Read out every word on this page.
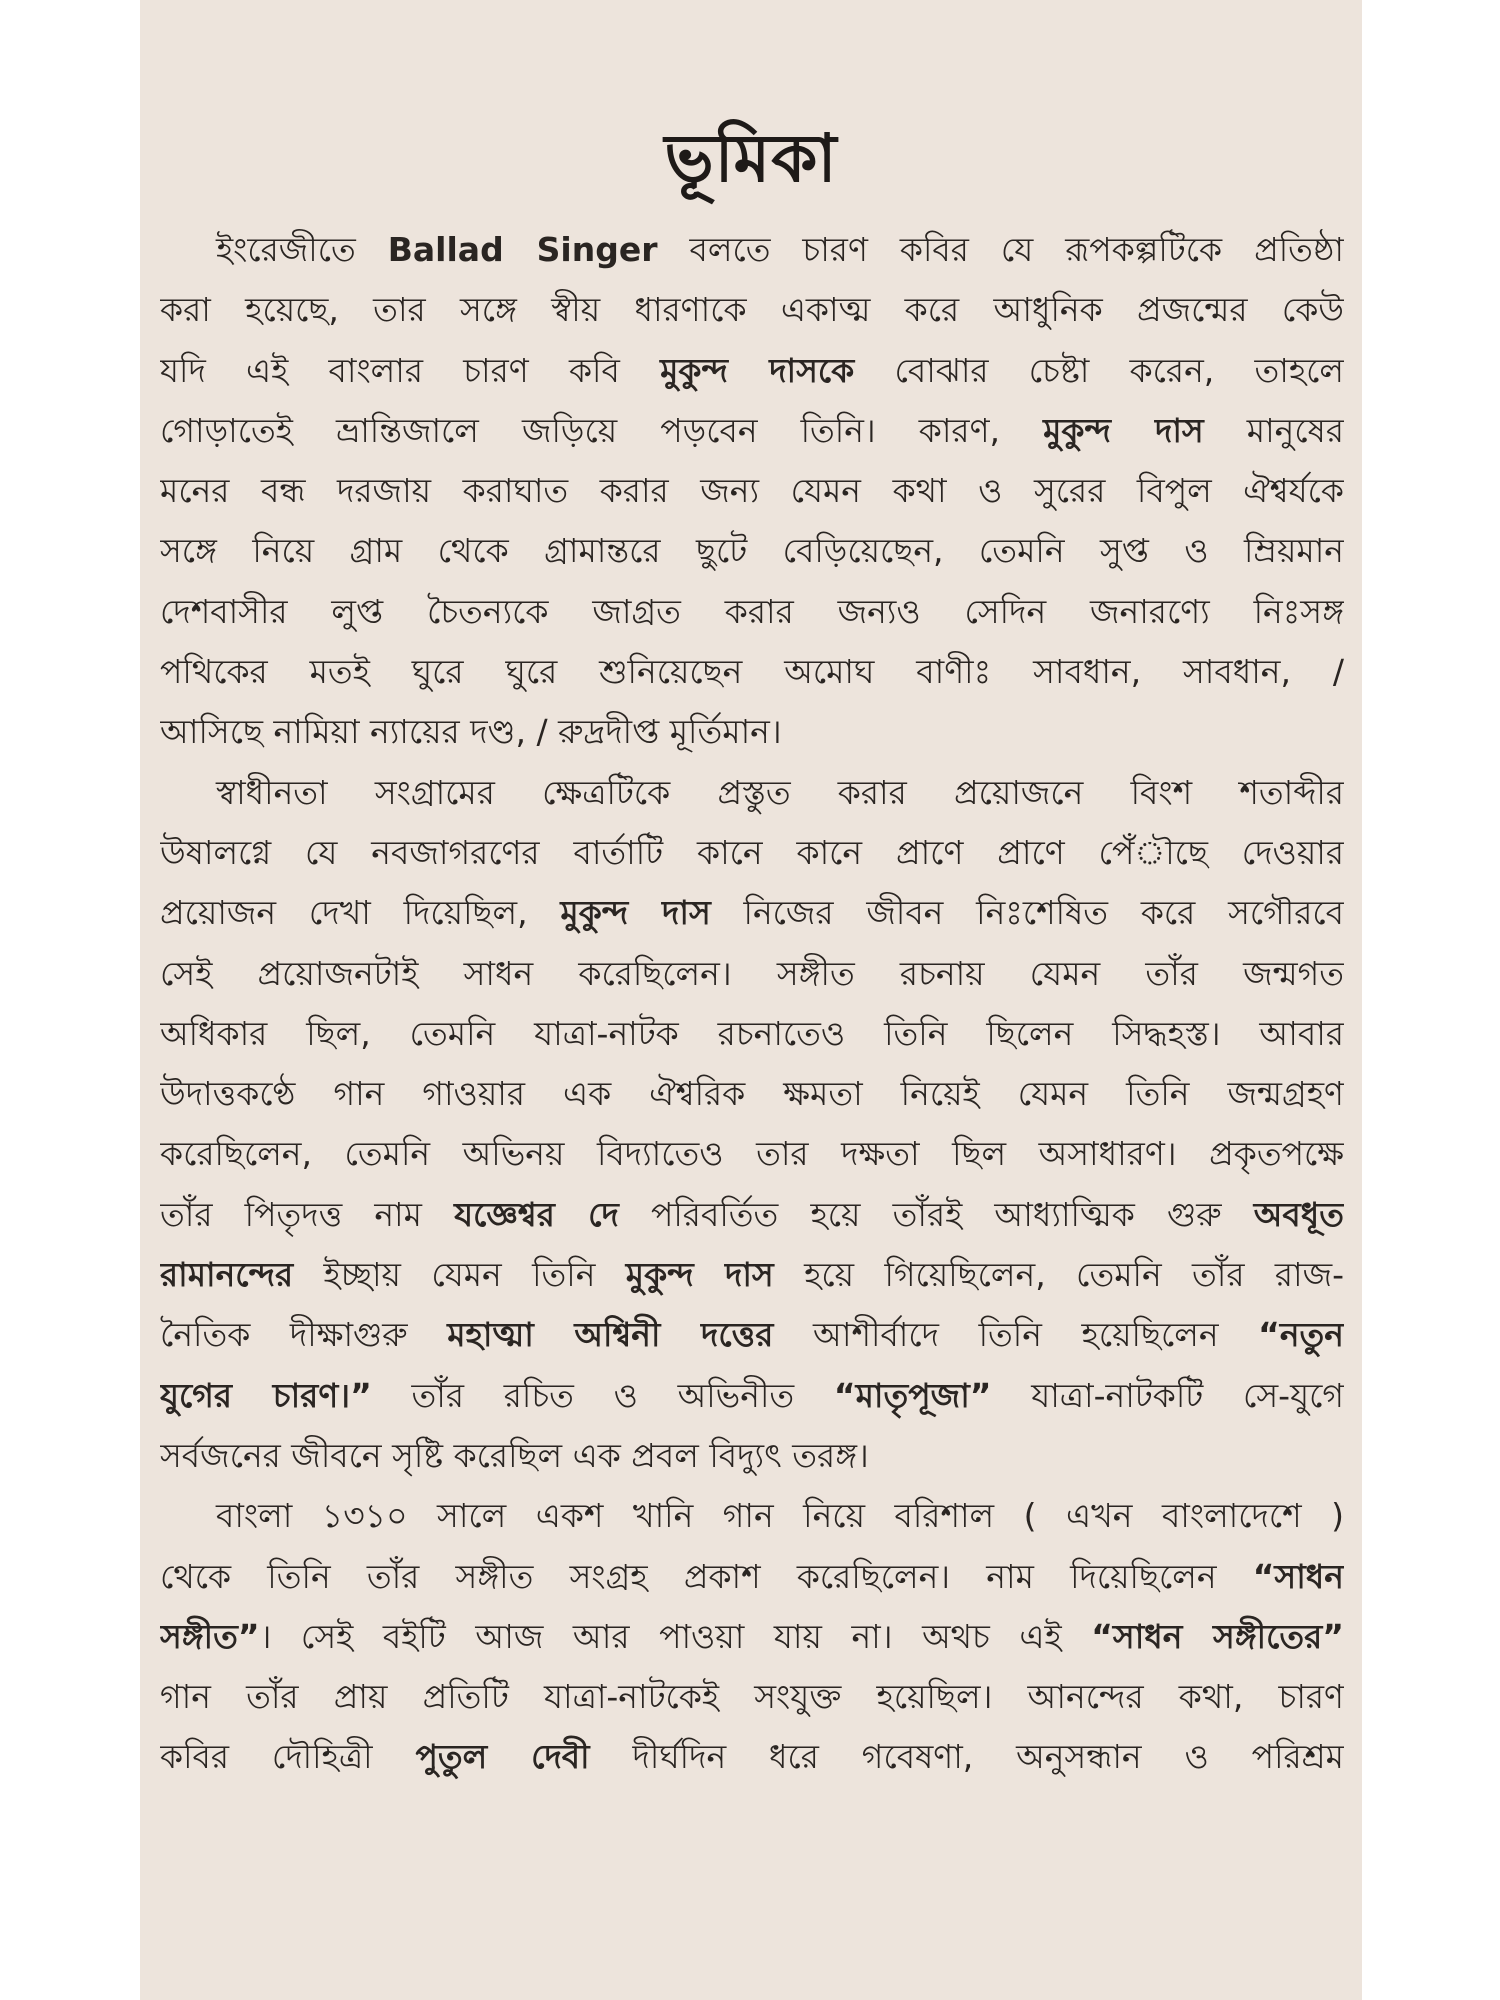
ভূমিকা
ইংরেজীতে Ballad Singer বলতে চারণ কবির যে রূপকল্পটিকে প্রতিষ্ঠা
করা হয়েছে, তার সঙ্গে স্বীয় ধারণাকে একাত্ম করে আধুনিক প্রজন্মের কেউ
যদি এই বাংলার চারণ কবি মুকুন্দ দাসকে বোঝার চেষ্টা করেন, তাহলে
গোড়াতেই ভ্রান্তিজালে জড়িয়ে পড়বেন তিনি। কারণ, মুকুন্দ দাস মানুষের
মনের বন্ধ দরজায় করাঘাত করার জন্য যেমন কথা ও সুরের বিপুল ঐশ্বর্যকে
সঙ্গে নিয়ে গ্রাম থেকে গ্রামান্তরে ছুটে বেড়িয়েছেন, তেমনি সুপ্ত ও ম্রিয়মান
দেশবাসীর লুপ্ত চৈতন্যকে জাগ্রত করার জন্যও সেদিন জনারণ্যে নিঃসঙ্গ
পথিকের মতই ঘুরে ঘুরে শুনিয়েছেন অমোঘ বাণীঃ সাবধান, সাবধান, /
আসিছে নামিয়া ন্যায়ের দণ্ড, / রুদ্রদীপ্ত মূর্তিমান।
স্বাধীনতা সংগ্রামের ক্ষেত্রটিকে প্রস্তুত করার প্রয়োজনে বিংশ শতাব্দীর
উষালগ্নে যে নবজাগরণের বার্তাটি কানে কানে প্রাণে প্রাণে পেঁৗছে দেওয়ার
প্রয়োজন দেখা দিয়েছিল, মুকুন্দ দাস নিজের জীবন নিঃশেষিত করে সগৌরবে
সেই প্রয়োজনটাই সাধন করেছিলেন। সঙ্গীত রচনায় যেমন তাঁর জন্মগত
অধিকার ছিল, তেমনি যাত্রা-নাটক রচনাতেও তিনি ছিলেন সিদ্ধহস্ত। আবার
উদাত্তকণ্ঠে গান গাওয়ার এক ঐশ্বরিক ক্ষমতা নিয়েই যেমন তিনি জন্মগ্রহণ
করেছিলেন, তেমনি অভিনয় বিদ্যাতেও তার দক্ষতা ছিল অসাধারণ। প্রকৃতপক্ষে
তাঁর পিতৃদত্ত নাম যজ্ঞেশ্বর দে পরিবর্তিত হয়ে তাঁরই আধ্যাত্মিক গুরু অবধূত
রামানন্দের ইচ্ছায় যেমন তিনি মুকুন্দ দাস হয়ে গিয়েছিলেন, তেমনি তাঁর রাজ-
নৈতিক দীক্ষাগুরু মহাত্মা অশ্বিনী দত্তের আশীর্বাদে তিনি হয়েছিলেন “নতুন
যুগের চারণ।” তাঁর রচিত ও অভিনীত “মাতৃপূজা” যাত্রা-নাটকটি সে-যুগে
সর্বজনের জীবনে সৃষ্টি করেছিল এক প্রবল বিদ্যুৎ তরঙ্গ।
বাংলা ১৩১০ সালে একশ খানি গান নিয়ে বরিশাল ( এখন বাংলাদেশে )
থেকে তিনি তাঁর সঙ্গীত সংগ্রহ প্রকাশ করেছিলেন। নাম দিয়েছিলেন “সাধন
সঙ্গীত”। সেই বইটি আজ আর পাওয়া যায় না। অথচ এই “সাধন সঙ্গীতের”
গান তাঁর প্রায় প্রতিটি যাত্রা-নাটকেই সংযুক্ত হয়েছিল। আনন্দের কথা, চারণ
কবির দৌহিত্রী পুতুল দেবী দীর্ঘদিন ধরে গবেষণা, অনুসন্ধান ও পরিশ্রম
